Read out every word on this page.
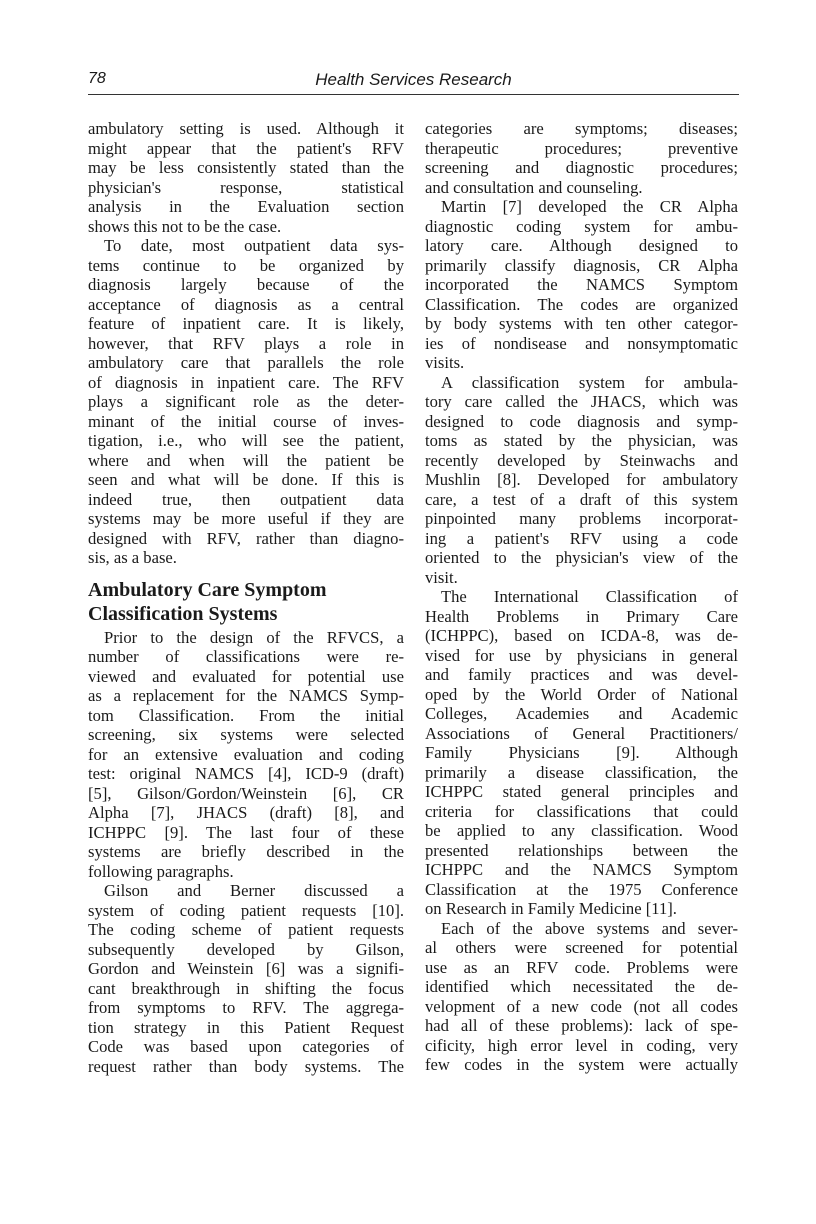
78	Health Services Research
ambulatory setting is used. Although it
might appear that the patient's RFV
may be less consistently stated than the
physician's response, statistical
analysis in the Evaluation section
shows this not to be the case.
To date, most outpatient data sys-
tems continue to be organized by
diagnosis largely because of the
acceptance of diagnosis as a central
feature of inpatient care. It is likely,
however, that RFV plays a role in
ambulatory care that parallels the role
of diagnosis in inpatient care. The RFV
plays a significant role as the deter-
minant of the initial course of inves-
tigation, i.e., who will see the patient,
where and when will the patient be
seen and what will be done. If this is
indeed true, then outpatient data
systems may be more useful if they are
designed with RFV, rather than diagno-
sis, as a base.
Ambulatory Care Symptom
Classification Systems
Prior to the design of the RFVCS, a
number of classifications were re-
viewed and evaluated for potential use
as a replacement for the NAMCS Symp-
tom Classification. From the initial
screening, six systems were selected
for an extensive evaluation and coding
test: original NAMCS [4], ICD-9 (draft)
[5], Gilson/Gordon/Weinstein [6], CR
Alpha [7], JHACS (draft) [8], and
ICHPPC [9]. The last four of these
systems are briefly described in the
following paragraphs.
Gilson and Berner discussed a
system of coding patient requests [10].
The coding scheme of patient requests
subsequently developed by Gilson,
Gordon and Weinstein [6] was a signifi-
cant breakthrough in shifting the focus
from symptoms to RFV. The aggrega-
tion strategy in this Patient Request
Code was based upon categories of
request rather than body systems. The
categories are symptoms; diseases;
therapeutic procedures; preventive
screening and diagnostic procedures;
and consultation and counseling.
Martin [7] developed the CR Alpha
diagnostic coding system for ambu-
latory care. Although designed to
primarily classify diagnosis, CR Alpha
incorporated the NAMCS Symptom
Classification. The codes are organized
by body systems with ten other categor-
ies of nondisease and nonsymptomatic
visits.
A classification system for ambula-
tory care called the JHACS, which was
designed to code diagnosis and symp-
toms as stated by the physician, was
recently developed by Steinwachs and
Mushlin [8]. Developed for ambulatory
care, a test of a draft of this system
pinpointed many problems incorporat-
ing a patient's RFV using a code
oriented to the physician's view of the
visit.
The International Classification of
Health Problems in Primary Care
(ICHPPC), based on ICDA-8, was de-
vised for use by physicians in general
and family practices and was devel-
oped by the World Order of National
Colleges, Academies and Academic
Associations of General Practitioners/
Family Physicians [9]. Although
primarily a disease classification, the
ICHPPC stated general principles and
criteria for classifications that could
be applied to any classification. Wood
presented relationships between the
ICHPPC and the NAMCS Symptom
Classification at the 1975 Conference
on Research in Family Medicine [11].
Each of the above systems and sever-
al others were screened for potential
use as an RFV code. Problems were
identified which necessitated the de-
velopment of a new code (not all codes
had all of these problems): lack of spe-
cificity, high error level in coding, very
few codes in the system were actually
